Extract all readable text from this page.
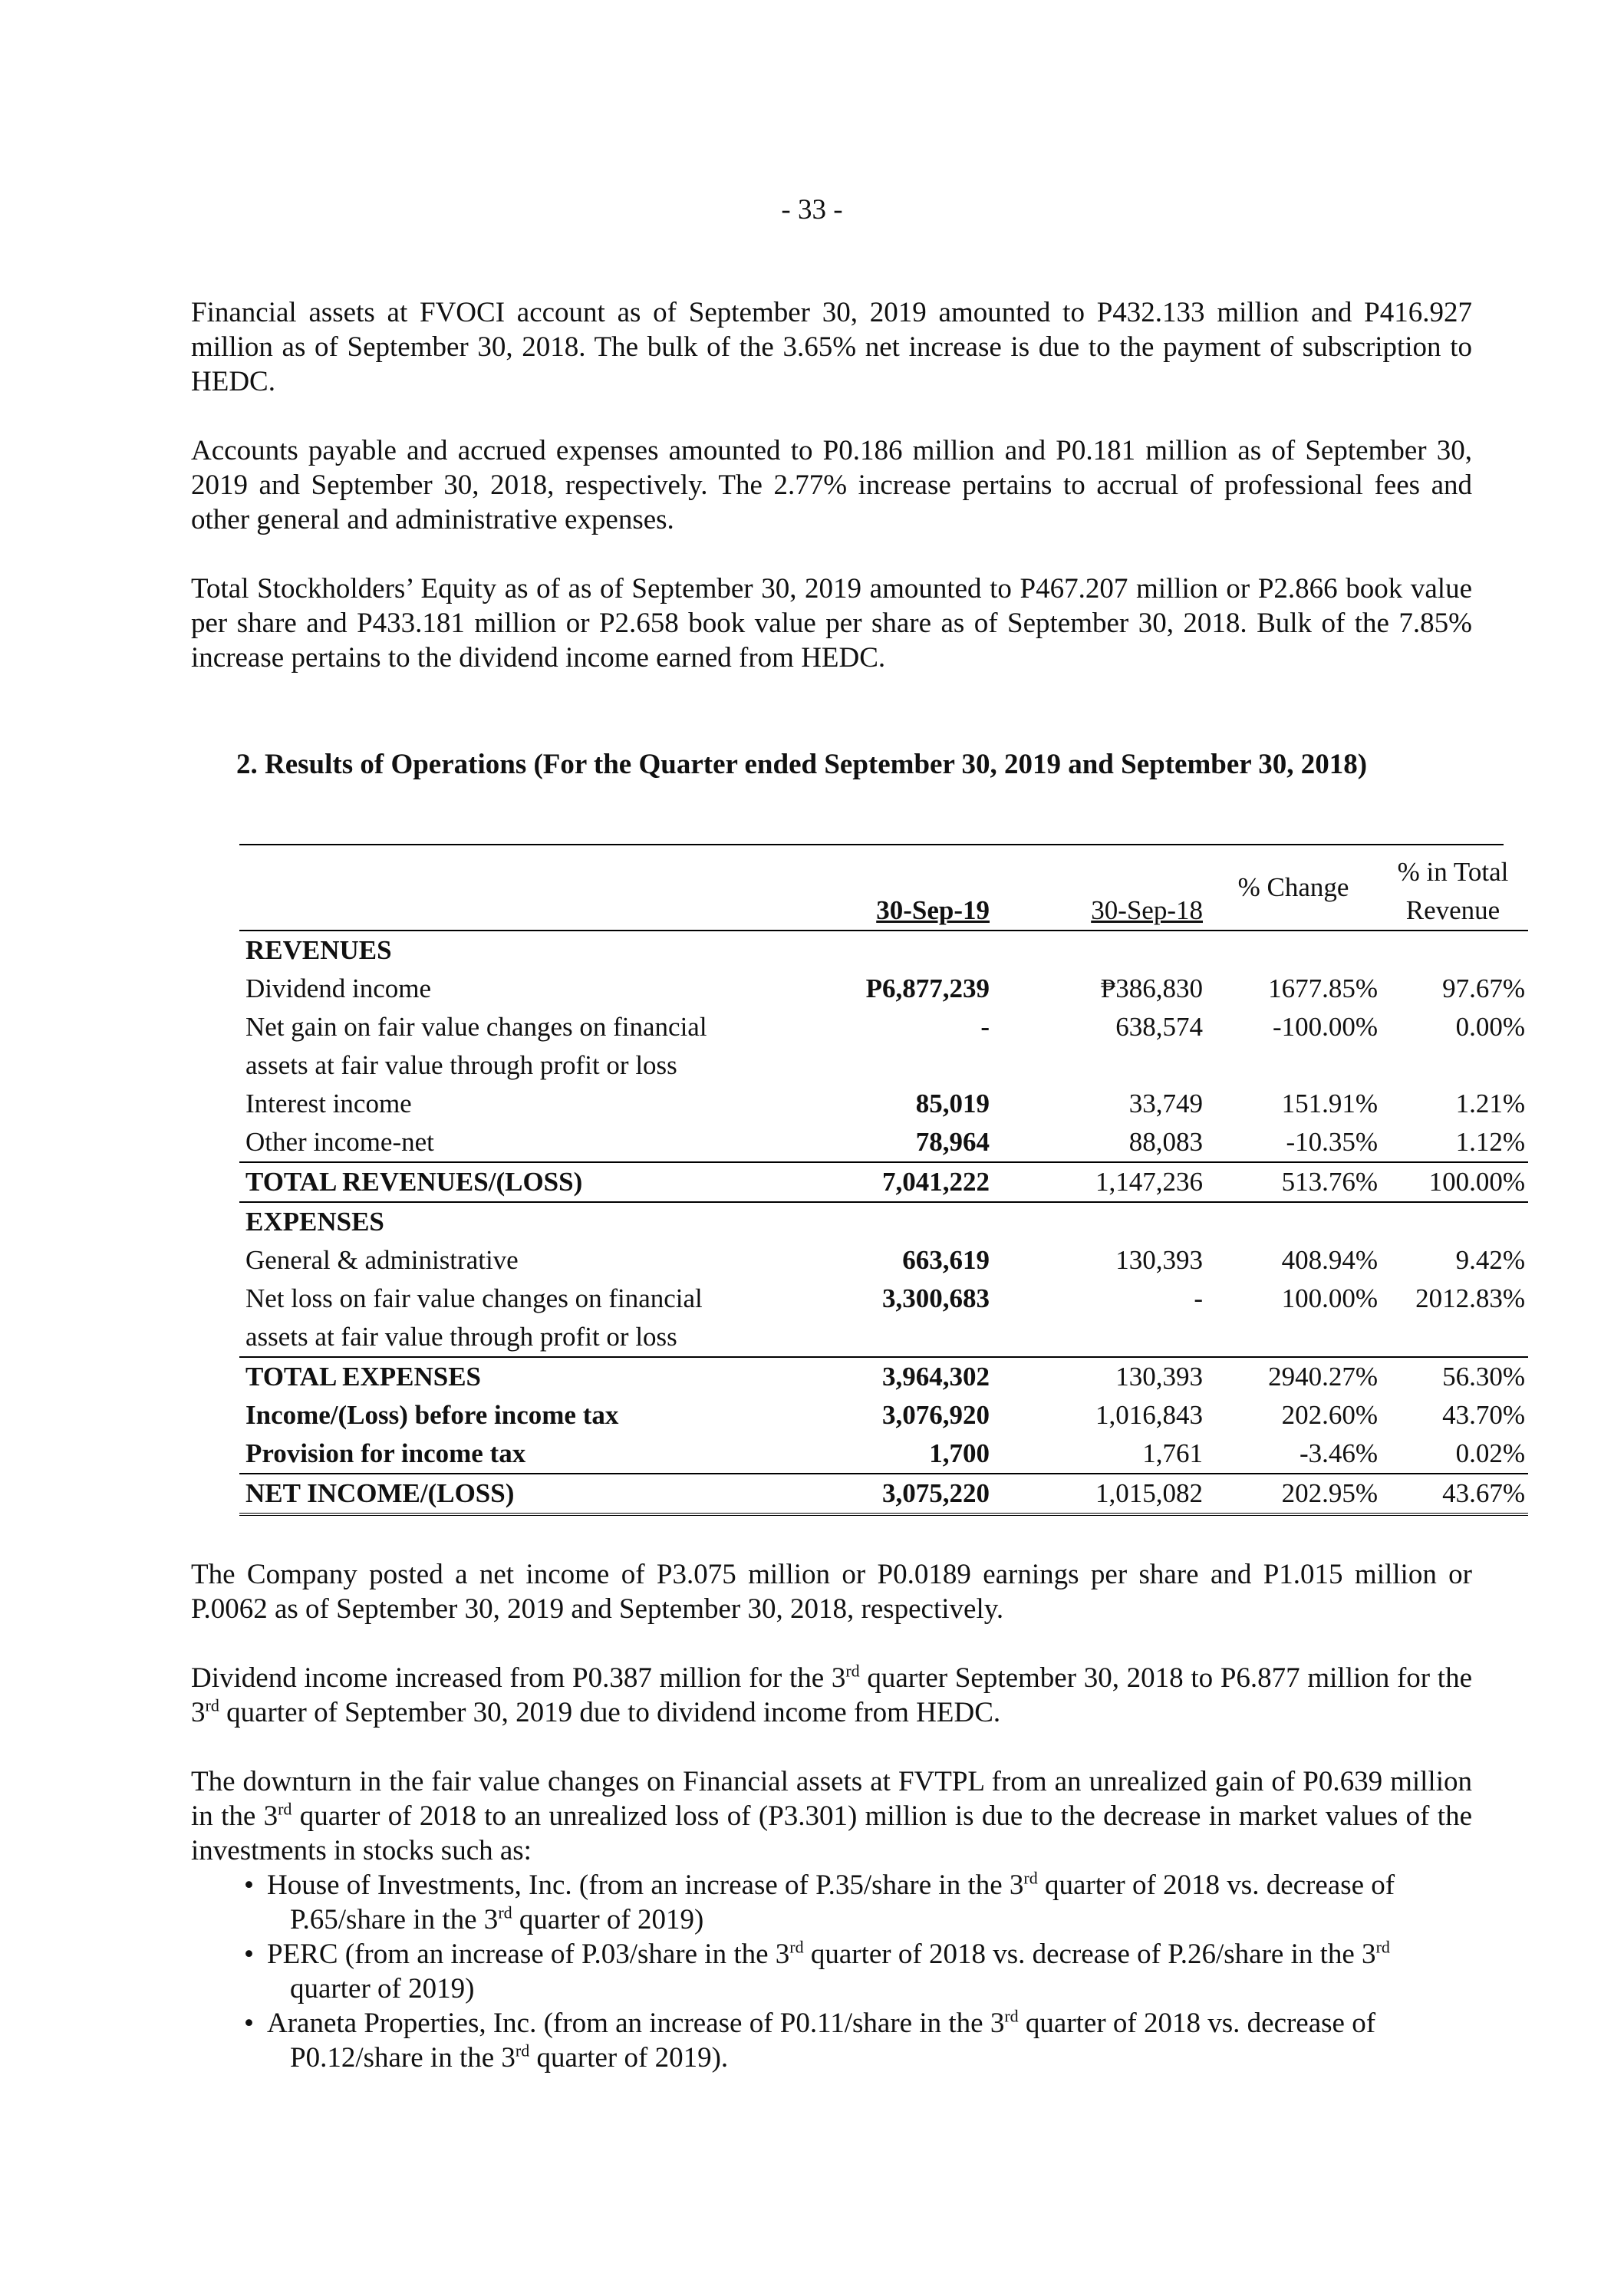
- 33 -

Financial assets at FVOCI account as of September 30, 2019 amounted to P432.133 million and P416.927 million as of September 30, 2018. The bulk of the 3.65% net increase is due to the payment of subscription to HEDC.

Accounts payable and accrued expenses amounted to P0.186 million and P0.181 million as of September 30, 2019 and September 30, 2018, respectively. The 2.77% increase pertains to accrual of professional fees and other general and administrative expenses.

Total Stockholders’ Equity as of as of September 30, 2019 amounted to P467.207 million or P2.866 book value per share and P433.181 million or P2.658 book value per share as of September 30, 2018. Bulk of the 7.85% increase pertains to the dividend income earned from HEDC.

2. Results of Operations (For the Quarter ended September 30, 2019 and September 30, 2018)

	30-Sep-19	30-Sep-18	% Change	% in Total
Revenue

REVENUES				
Dividend income	P6,877,239	₱386,830	1677.85%	97.67%
Net gain on fair value changes on financial	-	638,574	-100.00%	0.00%
assets at fair value through profit or loss				
Interest income	85,019	33,749	151.91%	1.21%
Other income-net	78,964	88,083	-10.35%	1.12%
TOTAL REVENUES/(LOSS)	7,041,222	1,147,236	513.76%	100.00%
EXPENSES				
General & administrative	663,619	130,393	408.94%	9.42%
Net loss on fair value changes on financial	3,300,683	-	100.00%	2012.83%
assets at fair value through profit or loss				
TOTAL EXPENSES	3,964,302	130,393	2940.27%	56.30%
Income/(Loss) before income tax	3,076,920	1,016,843	202.60%	43.70%
Provision for income tax	1,700	1,761	-3.46%	0.02%
NET INCOME/(LOSS)	3,075,220	1,015,082	202.95%	43.67%

The Company posted a net income of P3.075 million or P0.0189 earnings per share and P1.015 million or P.0062 as of September 30, 2019 and September 30, 2018, respectively.

Dividend income increased from P0.387 million for the 3rd quarter September 30, 2018 to P6.877 million for the 3rd quarter of September 30, 2019 due to dividend income from HEDC.

The downturn in the fair value changes on Financial assets at FVTPL from an unrealized gain of P0.639 million in the 3rd quarter of 2018 to an unrealized loss of (P3.301) million is due to the decrease in market values of the investments in stocks such as:

• House of Investments, Inc. (from an increase of P.35/share in the 3rd quarter of 2018 vs. decrease of
P.65/share in the 3rd quarter of 2019)
• PERC (from an increase of P.03/share in the 3rd quarter of 2018 vs. decrease of P.26/share in the 3rd
quarter of 2019)
• Araneta Properties, Inc. (from an increase of P0.11/share in the 3rd quarter of 2018 vs. decrease of
P0.12/share in the 3rd quarter of 2019).
